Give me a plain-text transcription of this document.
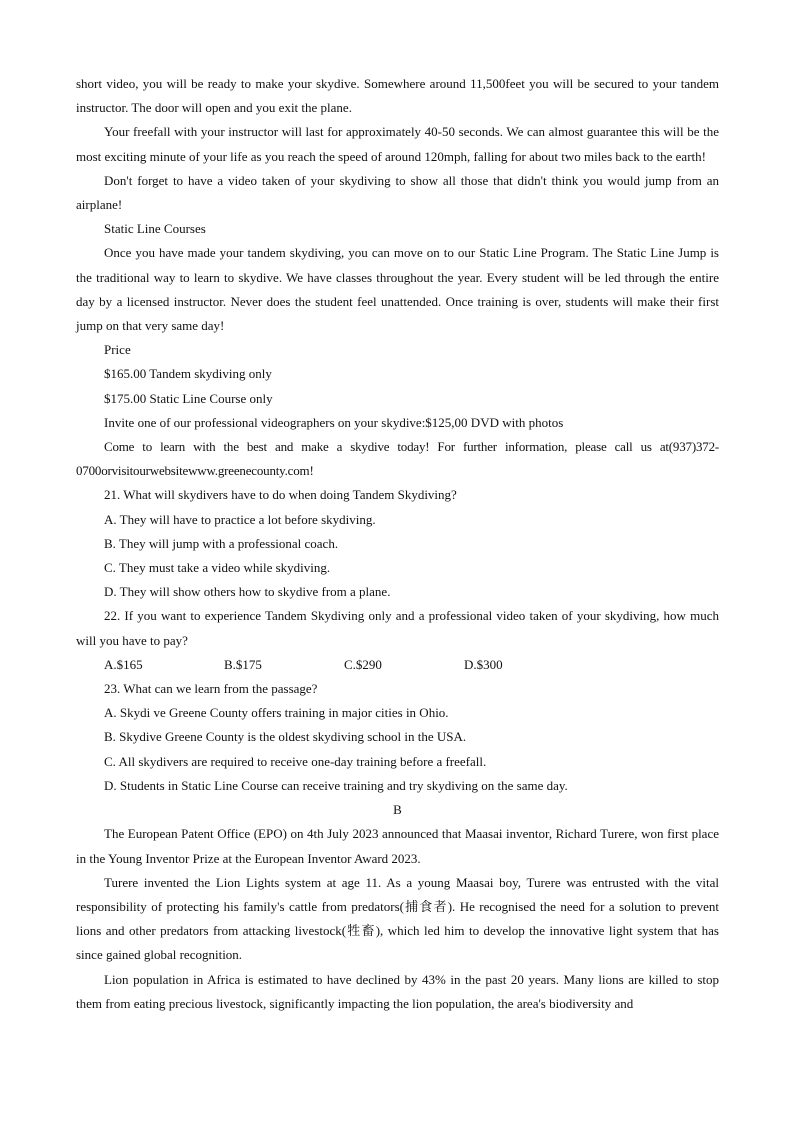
short video, you will be ready to make your skydive. Somewhere around 11,500feet you will be secured to your tandem instructor. The door will open and you exit the plane.

Your freefall with your instructor will last for approximately 40-50 seconds. We can almost guarantee this will be the most exciting minute of your life as you reach the speed of around 120mph, falling for about two miles back to the earth!

Don't forget to have a video taken of your skydiving to show all those that didn't think you would jump from an airplane!

Static Line Courses

Once you have made your tandem skydiving, you can move on to our Static Line Program. The Static Line Jump is the traditional way to learn to skydive. We have classes throughout the year. Every student will be led through the entire day by a licensed instructor. Never does the student feel unattended. Once training is over, students will make their first jump on that very same day!

Price

$165.00 Tandem skydiving only

$175.00 Static Line Course only

Invite one of our professional videographers on your skydive:$125,00 DVD with photos

Come to learn with the best and make a skydive today! For further information, please call us at(937)372-0700orvisitourwebsitewww.greenecounty.com!

21. What will skydivers have to do when doing Tandem Skydiving?

A. They will have to practice a lot before skydiving.

B. They will jump with a professional coach.

C. They must take a video while skydiving.

D. They will show others how to skydive from a plane.

22. If you want to experience Tandem Skydiving only and a professional video taken of your skydiving, how much will you have to pay?

A.$165	B.$175	C.$290	D.$300

23. What can we learn from the passage?

A. Skydi ve Greene County offers training in major cities in Ohio.

B. Skydive Greene County is the oldest skydiving school in the USA.

C. All skydivers are required to receive one-day training before a freefall.

D. Students in Static Line Course can receive training and try skydiving on the same day.

B

The European Patent Office (EPO) on 4th July 2023 announced that Maasai inventor, Richard Turere, won first place in the Young Inventor Prize at the European Inventor Award 2023.

Turere invented the Lion Lights system at age 11. As a young Maasai boy, Turere was entrusted with the vital responsibility of protecting his family's cattle from predators(捕食者). He recognised the need for a solution to prevent lions and other predators from attacking livestock(牲畜), which led him to develop the innovative light system that has since gained global recognition.

Lion population in Africa is estimated to have declined by 43% in the past 20 years. Many lions are killed to stop them from eating precious livestock, significantly impacting the lion population, the area's biodiversity and
